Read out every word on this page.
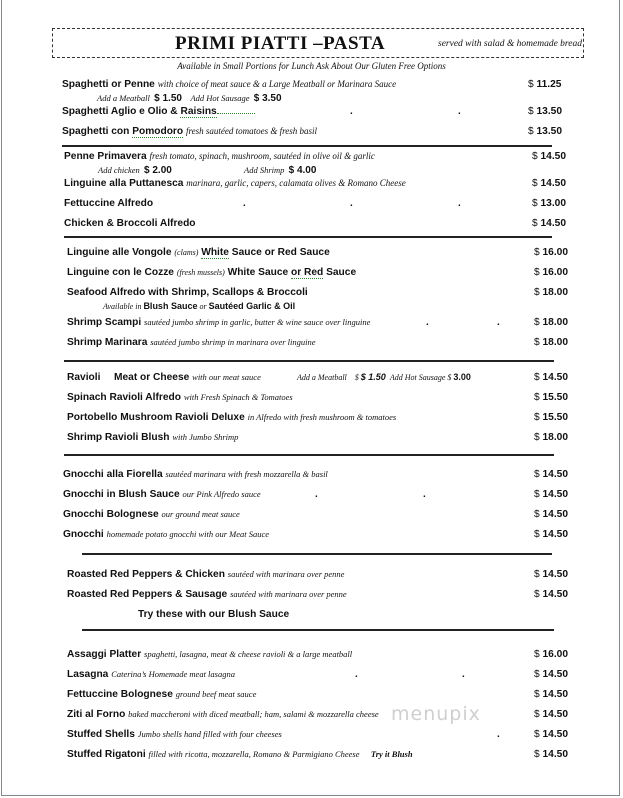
PRIMI PIATTI –PASTA	served with salad & homemade bread
Available in Small Portions for Lunch Ask About Our Gluten Free Options
Spaghetti or Penne with choice of meat sauce & a Large Meatball or Marinara Sauce	$ 11.25
Add a Meatball $ 1.50 Add Hot Sausage $ 3.50
Spaghetti Aglio e Olio & Raisins	.	.	$ 13.50
Spaghetti con Pomodoro fresh sautéed tomatoes & fresh basil	$ 13.50
Penne Primavera fresh tomato, spinach, mushroom, sautéed in olive oil & garlic	$ 14.50
Add chicken $ 2.00	Add Shrimp $ 4.00
Linguine alla Puttanesca marinara, garlic, capers, calamata olives & Romano Cheese	$ 14.50
Fettuccine Alfredo	.	.	.	$ 13.00
Chicken & Broccoli Alfredo	$ 14.50
Linguine alle Vongole (clams) White Sauce or Red Sauce	$ 16.00
Linguine con le Cozze (fresh mussels) White Sauce or Red Sauce	$ 16.00
Seafood Alfredo with Shrimp, Scallops & Broccoli	$ 18.00
Available in Blush Sauce or Sautéed Garlic & Oil
Shrimp Scampi sautéed jumbo shrimp in garlic, butter & wine sauce over linguine	.	.	$ 18.00
Shrimp Marinara sautéed jumbo shrimp in marinara over linguine	$ 18.00
Ravioli Meat or Cheese with our meat sauce	Add a Meatball    $ $ 1.50 Add Hot Sausage $ 3.00	$ 14.50
Spinach Ravioli Alfredo with Fresh Spinach & Tomatoes	$ 15.50
Portobello Mushroom Ravioli Deluxe in Alfredo with fresh mushroom & tomatoes	$ 15.50
Shrimp Ravioli Blush with Jumbo Shrimp	$ 18.00
Gnocchi alla Fiorella sautéed marinara with fresh mozzarella & basil	$ 14.50
Gnocchi in Blush Sauce our Pink Alfredo sauce	.	.	$ 14.50
Gnocchi Bolognese our ground meat sauce	$ 14.50
Gnocchi homemade potato gnocchi with our Meat Sauce	$ 14.50
Roasted Red Peppers & Chicken sautéed with marinara over penne	$ 14.50
Roasted Red Peppers & Sausage sautéed with marinara over penne	$ 14.50
Try these with our Blush Sauce
Assaggi Platter spaghetti, lasagna, meat & cheese ravioli & a large meatball	$ 16.00
Lasagna Caterina’s Homemade meat lasagna	.	.	$ 14.50
Fettuccine Bolognese ground beef meat sauce	$ 14.50
Ziti al Forno baked maccheroni with diced meatball; ham, salami & mozzarella cheese	$ 14.50
Stuffed Shells Jumbo shells hand filled with four cheeses	.	$ 14.50
Stuffed Rigatoni filled with ricotta, mozzarella, Romano & Parmigiano Cheese Try it Blush	$ 14.50
menupix
